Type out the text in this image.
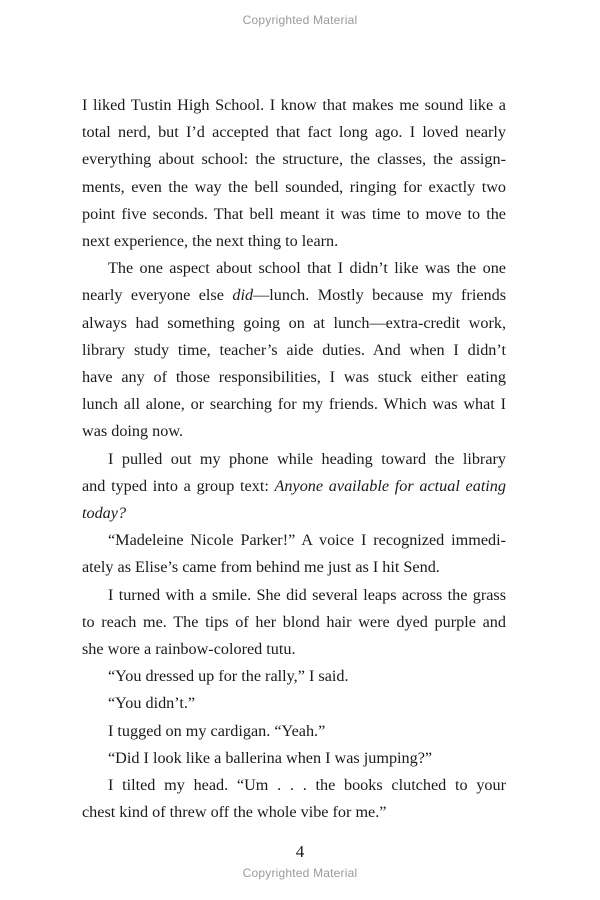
Copyrighted Material
I liked Tustin High School. I know that makes me sound like a
total nerd, but I’d accepted that fact long ago. I loved nearly
everything about school: the structure, the classes, the assign-
ments, even the way the bell sounded, ringing for exactly two
point five seconds. That bell meant it was time to move to the
next experience, the next thing to learn.
The one aspect about school that I didn’t like was the one
nearly everyone else did—lunch. Mostly because my friends
always had something going on at lunch—extra-credit work,
library study time, teacher’s aide duties. And when I didn’t
have any of those responsibilities, I was stuck either eating
lunch all alone, or searching for my friends. Which was what I
was doing now.
I pulled out my phone while heading toward the library
and typed into a group text: Anyone available for actual eating
today?
“Madeleine Nicole Parker!” A voice I recognized immedi-
ately as Elise’s came from behind me just as I hit Send.
I turned with a smile. She did several leaps across the grass
to reach me. The tips of her blond hair were dyed purple and
she wore a rainbow-colored tutu.
“You dressed up for the rally,” I said.
“You didn’t.”
I tugged on my cardigan. “Yeah.”
“Did I look like a ballerina when I was jumping?”
I tilted my head. “Um . . . the books clutched to your
chest kind of threw off the whole vibe for me.”
4
Copyrighted Material
